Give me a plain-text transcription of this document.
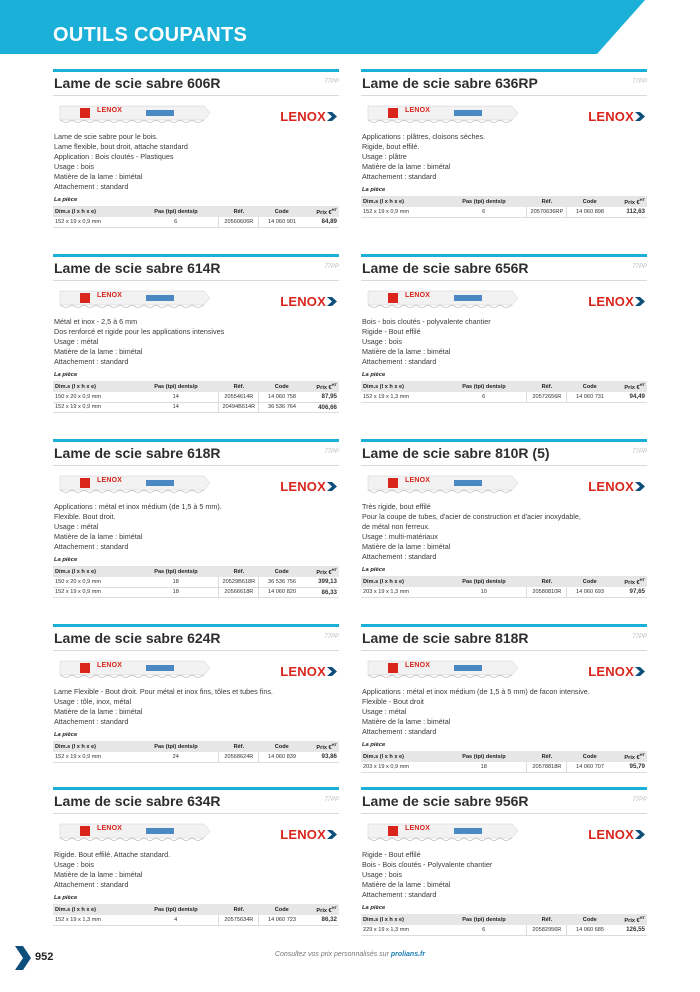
OUTILS COUPANTS
Lame de scie sabre 606R	77PP
LENOX	LENOX

Lame de scie sabre pour le bois.

Lame flexible, bout droit, attache standard

Application : Bois cloutés - Plastiques

Usage : bois

Matière de la lame : bimétal

Attachement : standard

La pièce
Dim.s (l x h x e)	Pas (tpi) dents/p	Réf.	Code	Prix €$^{HT}$
152 x 19 x 0,9 mm	6	20560606R	14 060 901	84,89
Lame de scie sabre 636RP	77PP
LENOX	LENOX

Applications : plâtres, cloisons sèches.

Rigide, bout effilé.

Usage : plâtre

Matière de la lame : bimétal

Attachement : standard

La pièce
Dim.s (l x h x e)	Pas (tpi) dents/p	Réf.	Code	Prix €$^{HT}$
152 x 19 x 0,9 mm	6	20570636RP	14 060 898	112,63
Lame de scie sabre 614R	77PP
LENOX	LENOX

Métal et inox - 2,5 à 6 mm

Dos renforcé et rigide pour les applications intensives

Usage : métal

Matière de la lame : bimétal

Attachement : standard

La pièce
Dim.s (l x h x e)	Pas (tpi) dents/p	Réf.	Code	Prix €$^{HT}$
150 x 20 x 0,9 mm	14	20554614R	14 060 758	87,95
152 x 19 x 0,9 mm	14	20494B614R	36 536 764	406,66
Lame de scie sabre 656R	77PP
LENOX	LENOX

Bois - bois cloutés - polyvalente chantier

Rigide - Bout effilé

Usage : bois

Matière de la lame : bimétal

Attachement : standard

La pièce
Dim.s (l x h x e)	Pas (tpi) dents/p	Réf.	Code	Prix €$^{HT}$
152 x 19 x 1,3 mm	6	20572656R	14 060 731	94,49
Lame de scie sabre 618R	77PP
LENOX	LENOX

Applications : métal et inox médium (de 1,5 à 5 mm).

Flexible. Bout droit.

Usage : métal

Matière de la lame : bimétal

Attachement : standard

La pièce
Dim.s (l x h x e)	Pas (tpi) dents/p	Réf.	Code	Prix €$^{HT}$
150 x 20 x 0,9 mm	18	20529B618R	36 536 756	399,13
152 x 19 x 0,9 mm	18	20566618R	14 060 820	86,33
Lame de scie sabre 810R (5)	77PP
LENOX	LENOX

Très rigide, bout effilé

Pour la coupe de tubes, d'acier de construction et d'acier inoxydable,

de métal non ferreux.

Usage : multi-matériaux

Matière de la lame : bimétal

Attachement : standard

La pièce
Dim.s (l x h x e)	Pas (tpi) dents/p	Réf.	Code	Prix €$^{HT}$
203 x 19 x 1,3 mm	10	20580810R	14 060 693	97,65
Lame de scie sabre 624R	77PP
LENOX	LENOX

Lame Flexible - Bout droit. Pour métal et inox fins, tôles et tubes fins.

Usage : tôle, inox, métal

Matière de la lame : bimétal

Attachement : standard

La pièce
Dim.s (l x h x e)	Pas (tpi) dents/p	Réf.	Code	Prix €$^{HT}$
152 x 19 x 0,9 mm	24	20568624R	14 060 839	93,86
Lame de scie sabre 818R	77PP
LENOX	LENOX

Applications : métal et inox médium (de 1,5 à 5 mm) de facon intensive.

Flexible - Bout droit

Usage : métal

Matière de la lame : bimétal

Attachement : standard

La pièce
Dim.s (l x h x e)	Pas (tpi) dents/p	Réf.	Code	Prix €$^{HT}$
203 x 19 x 0,9 mm	18	20578818R	14 060 707	95,79
Lame de scie sabre 634R	77PP
LENOX	LENOX

Rigide. Bout effilé. Attache standard.

Usage : bois

Matière de la lame : bimétal

Attachement : standard

La pièce
Dim.s (l x h x e)	Pas (tpi) dents/p	Réf.	Code	Prix €$^{HT}$
152 x 19 x 1,3 mm	4	20575634R	14 060 723	86,32
Lame de scie sabre 956R	77PP
LENOX	LENOX

Rigide - Bout effilé

Bois - Bois cloutés - Polyvalente chantier

Usage : bois

Matière de la lame : bimétal

Attachement : standard

La pièce
Dim.s (l x h x e)	Pas (tpi) dents/p	Réf.	Code	Prix €$^{HT}$
229 x 19 x 1,3 mm	6	20582956R	14 060 685	126,55
952	Consultez vos prix personnalisés sur prolians.fr
